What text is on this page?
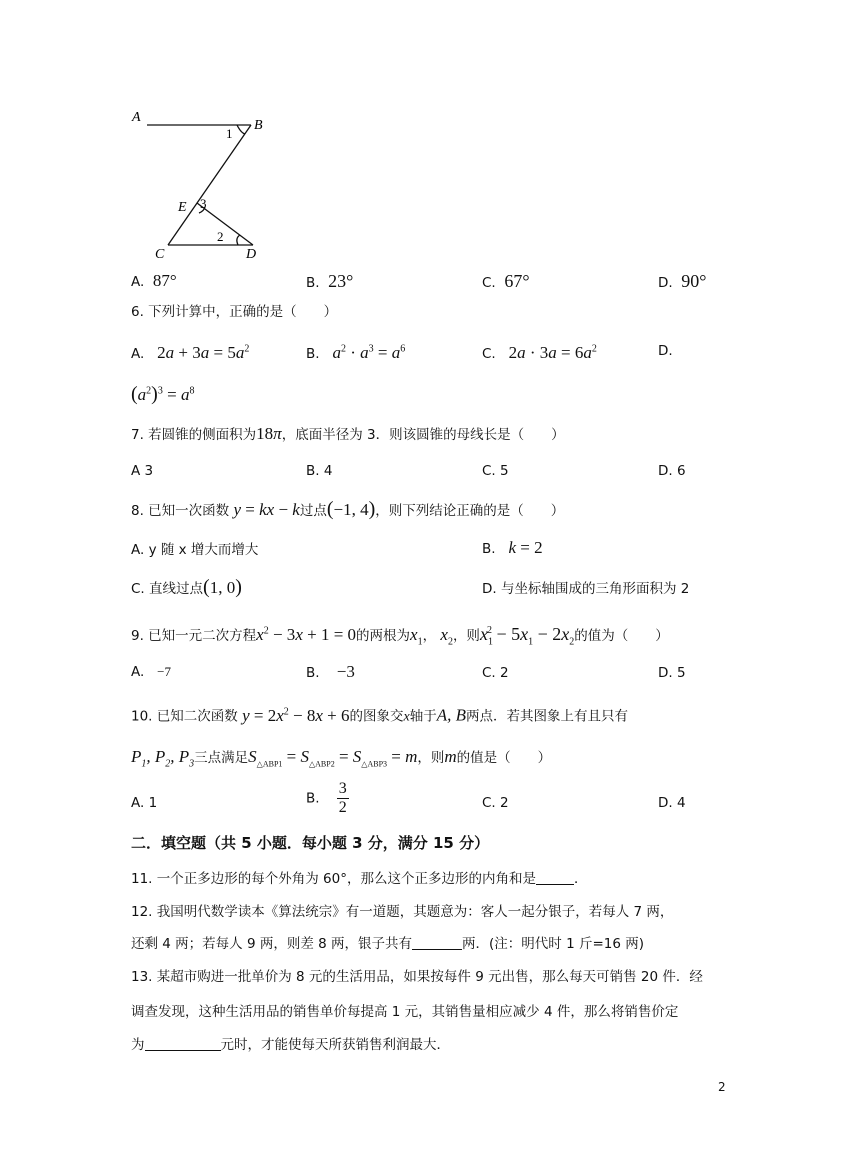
A
B
1
E 3
2
C	D
A. 87°	B. 23°	C. 67°	D. 90°
6. 下列计算中，正确的是（　　）
A. $2a + 3a = 5a^2$	B. $a^2 \cdot a^3 = a^6$	C. $2a \cdot 3a = 6a^2$	D.
$(a^2)^3 = a^8$
7. 若圆锥的侧面积为18π，底面半径为 3．则该圆锥的母线长是（　　）
A 3	B. 4	C. 5	D. 6
8. 已知一次函数 y = kx − k过点(−1, 4)，则下列结论正确的是（　　）
A. y 随 x 增大而增大	B. k = 2
C. 直线过点(1, 0)	D. 与坐标轴围成的三角形面积为 2
9. 已知一元二次方程$x^2 - 3x + 1 = 0$的两根为$x_1$， $x_2$，则$x_1^2 - 5x_1 - 2x_2$的值为（　　）
A. −7	B. −3	C. 2	D. 5
10. 已知二次函数 $y = 2x^2 - 8x + 6$的图象交x轴于A, B两点．若其图象上有且只有
$P_1$, $P_2$, $P_3$三点满足$S_{\triangle ABP1} = S_{\triangle ABP2} = S_{\triangle ABP3} = m$，则m的值是（　　）
A. 1	B. $\frac{3}{2}$	C. 2	D. 4
二．填空题（共 5 小题．每小题 3 分，满分 15 分）
11. 一个正多边形的每个外角为 60°，那么这个正多边形的内角和是	．
12. 我国明代数学读本《算法统宗》有一道题，其题意为：客人一起分银子，若每人 7 两，
还剩 4 两；若每人 9 两，则差 8 两，银子共有	两．(注：明代时 1 斤=16 两)
13. 某超市购进一批单价为 8 元的生活用品，如果按每件 9 元出售，那么每天可销售 20 件．经
调查发现，这种生活用品的销售单价每提高 1 元，其销售量相应减少 4 件，那么将销售价定
为	元时，才能使每天所获销售利润最大．
2
